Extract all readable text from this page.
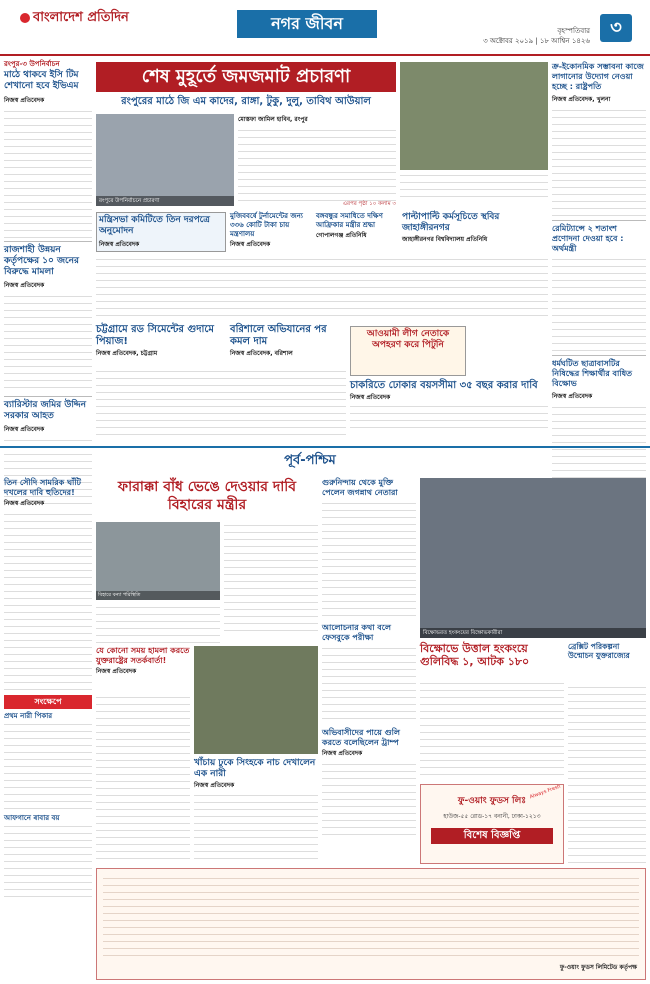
বাংলাদেশ প্রতিদিন	নগর জীবন	বৃহস্পতিবার
৩ অক্টোবর ২০১৯ | ১৮ আশ্বিন ১৪২৬
৩
রংপুর-৩ উপনির্বাচন
মাঠে থাকবে ইসি টিম শেখানো হবে ইভিএম
নিজস্ব প্রতিবেদক
রাজশাহী উন্নয়ন কর্তৃপক্ষের ১০ জনের বিরুদ্ধে মামলা
নিজস্ব প্রতিবেদক
ব্যারিস্টার জমির উদ্দিন সরকার আহত
নিজস্ব প্রতিবেদক
শেষ মুহূর্তে জমজমাট প্রচারণা
রংপুরের মাঠে জি এম কাদের, রাঙ্গা, টুকু, দুলু, তাবিথ আউয়াল
রংপুরে উপনির্বাচনে প্রচারণা
মোস্তফা জামিল হাবিব, রংপুর
এরপর পৃষ্ঠা ১০ কলাম ৩
ক্র-ইকোনমিক সম্ভাবনা কাজে লাগানোর উদ্যোগ নেওয়া হচ্ছে : রাষ্ট্রপতি
নিজস্ব প্রতিবেদক, খুলনা
রেমিট্যান্সে ২ শতাংশ প্রণোদনা দেওয়া হবে : অর্থমন্ত্রী
ধর্মঘটিত ছাত্রাবাসটির নিষিদ্ধের শিক্ষার্থীর বাধিত বিক্ষোভ
নিজস্ব প্রতিবেদক
মন্ত্রিসভা কমিটিতে তিন দরপত্রে অনুমোদন
নিজস্ব প্রতিবেদক
মুজিববর্ষে টুর্নামেন্টের জন্য ৩৩৬ কোটি টাকা চায় মন্ত্রণালয়
নিজস্ব প্রতিবেদক
বঙ্গবন্ধুর সমাধিতে দক্ষিণ আফ্রিকার মন্ত্রীর শ্রদ্ধা
গোপালগঞ্জ প্রতিনিধি
পাল্টাপাল্টি কর্মসূচিতে স্থবির জাহাঙ্গীরনগর
জাহাঙ্গীরনগর বিশ্ববিদ্যালয় প্রতিনিধি
চট্টগ্রামে রড সিমেন্টের গুদামে পিয়াজ!
নিজস্ব প্রতিবেদক, চট্টগ্রাম
বরিশালে অভিযানের পর কমল দাম
নিজস্ব প্রতিবেদক, বরিশাল
আওয়ামী লীগ নেতাকে অপহরণ করে পিটুনি
চাকরিতে ঢোকার বয়সসীমা ৩৫ বছর করার দাবি
নিজস্ব প্রতিবেদক
পূর্ব-পশ্চিম
তিন সৌদি সামরিক ঘাঁটি দখলের দাবি হুতিদের!
নিজস্ব প্রতিবেদক
সংক্ষেপে
প্রথম নারী পিকার
আফগানে ৰাবার বয়
ফারাক্কা বাঁধ ভেঙে দেওয়ার দাবি বিহারের মন্ত্রীর
বিহারে বন্যা পরিস্থিতি
যে কোনো সময় হামলা করতে যুক্তরাষ্ট্রের সতর্কবার্তা!
নিজস্ব প্রতিবেদক
খাঁচায় ঢুকে সিংহকে নাচ দেখালেন এক নারী
নিজস্ব প্রতিবেদক
গুরুনিন্দায় থেকে মুক্তি পেলেন জগন্নাথ নেতারা
আলোচনার কথা বলে ফেসবুকে পরীক্ষা
অভিবাসীদের পায়ে গুলি করতে বলেছিলেন ট্রাম্প
নিজস্ব প্রতিবেদক
বিক্ষোভরত হংকংয়ের বিক্ষোভকারীরা
বিক্ষোভে উত্তাল হংকংয়ে গুলিবিদ্ধ ১, আটক ১৮০
ব্রেক্সিট পরিকল্পনা উন্মোচন যুক্তরাজ্যের
ফু-ওয়াং ফুডস লিঃ
হাউজ-৫৫ রোড-১৭ বনানী, ঢাকা-১২১৩
বিশেষ বিজ্ঞপ্তি
Always Fresh
ফু-ওয়াং ফুডস লিমিটেড কর্তৃপক্ষ
